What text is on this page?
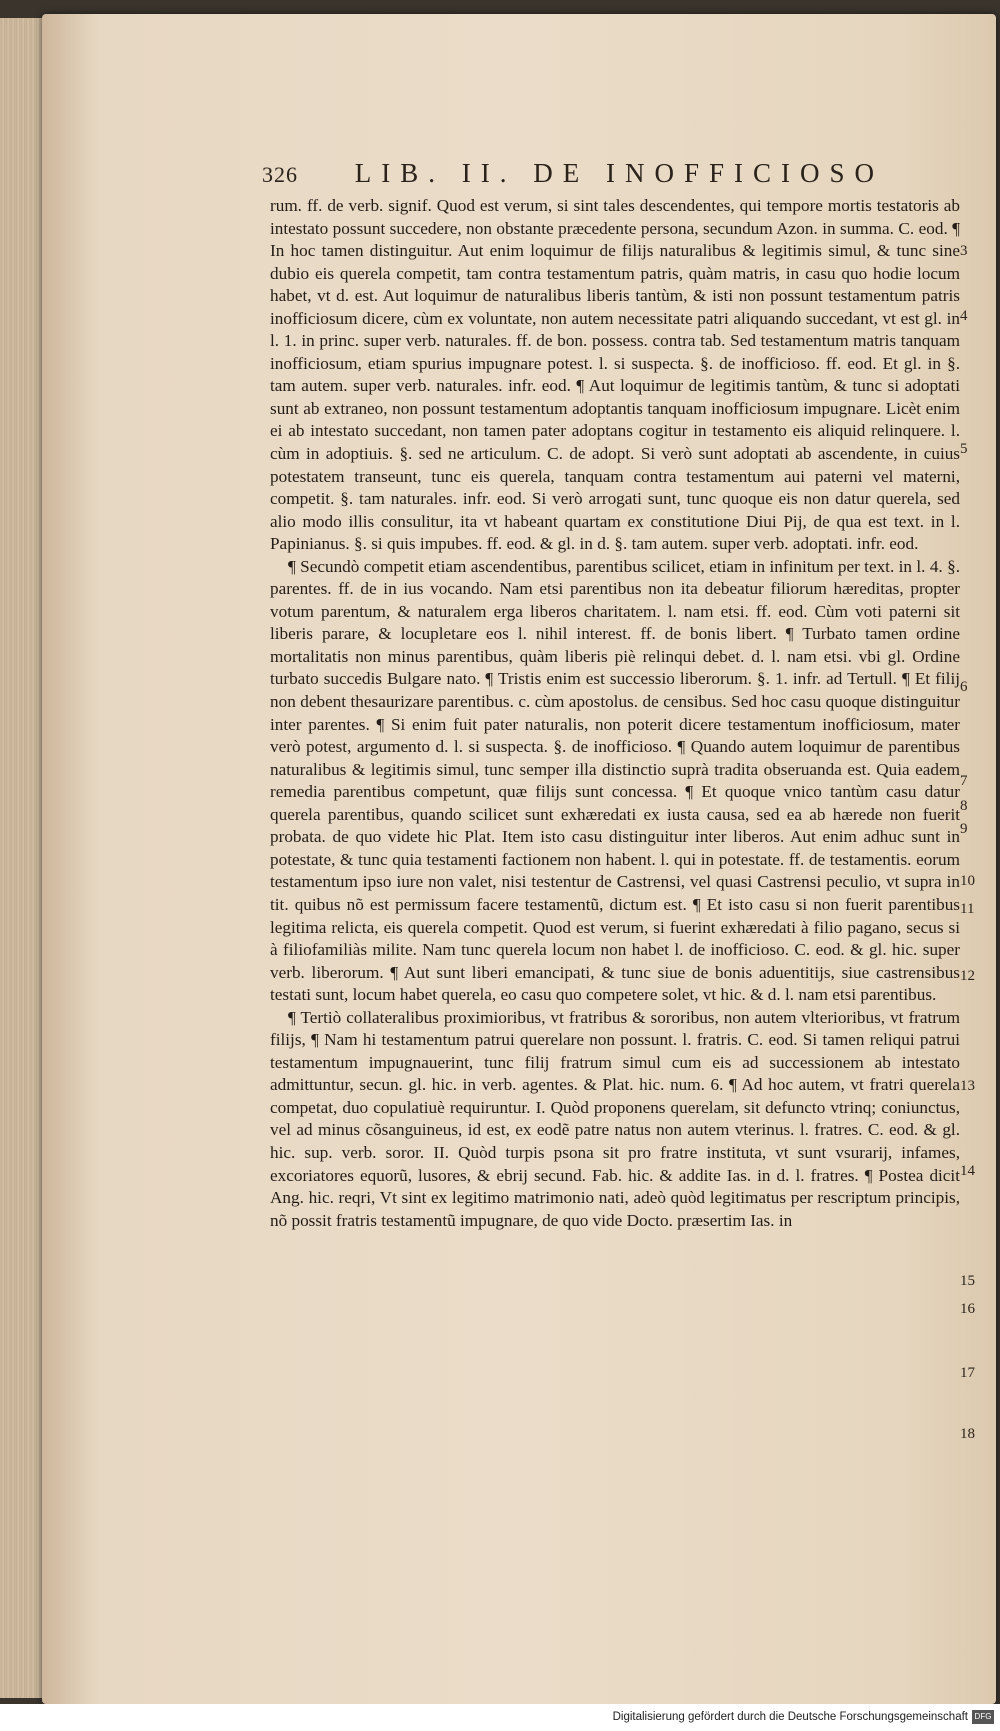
326 LIB. II. DE INOFFICIOSO

rum. ff. de verb. signif. Quod est verum, si sint tales descendentes, qui tempore mortis testatoris ab intestato possunt succedere, non obstante præcedente persona, secundum Azon. in summa. C. eod. ¶ In hoc tamen distinguitur. Aut enim loquimur de filijs naturalibus & legitimis simul, & tunc sine dubio eis querela competit, tam contra testamentum patris, quàm matris, in casu quo hodie locum habet, vt d. est. Aut loquimur de naturalibus liberis tantùm, & isti non possunt testamentum patris inofficiosum dicere, cùm ex voluntate, non autem necessitate patri aliquando succedant, vt est gl. in l. 1. in princ. super verb. naturales. ff. de bon. possess. contra tab. Sed testamentum matris tanquam inofficiosum, etiam spurius impugnare potest. l. si suspecta. §. de inofficioso. ff. eod. Et gl. in §. tam autem. super verb. naturales. infr. eod. ¶ Aut loquimur de legitimis tantùm, & tunc si adoptati sunt ab extraneo, non possunt testamentum adoptantis tanquam inofficiosum impugnare. Licèt enim ei ab intestato succedant, non tamen pater adoptans cogitur in testamento eis aliquid relinquere. l. cùm in adoptiuis. §. sed ne articulum. C. de adopt. Si verò sunt adoptati ab ascendente, in cuius potestatem transeunt, tunc eis querela, tanquam contra testamentum aui paterni vel materni, competit. §. tam naturales. infr. eod. Si verò arrogati sunt, tunc quoque eis non datur querela, sed alio modo illis consulitur, ita vt habeant quartam ex constitutione Diui Pij, de qua est text. in l. Papinianus. §. si quis impubes. ff. eod. & gl. in d. §. tam autem. super verb. adoptati. infr. eod.

¶ Secundò competit etiam ascendentibus, parentibus scilicet, etiam in infinitum per text. in l. 4. §. parentes. ff. de in ius vocando. Nam etsi parentibus non ita debeatur filiorum hæreditas, propter votum parentum, & naturalem erga liberos charitatem. l. nam etsi. ff. eod. Cùm voti paterni sit liberis parare, & locupletare eos l. nihil interest. ff. de bonis libert. ¶ Turbato tamen ordine mortalitatis non minus parentibus, quàm liberis piè relinqui debet. d. l. nam etsi. vbi gl. Ordine turbato succedis Bulgare nato. ¶ Tristis enim est successio liberorum. §. 1. infr. ad Tertull. ¶ Et filij non debent thesaurizare parentibus. c. cùm apostolus. de censibus. Sed hoc casu quoque distinguitur inter parentes. ¶ Si enim fuit pater naturalis, non poterit dicere testamentum inofficiosum, mater verò potest, argumento d. l. si suspecta. §. de inofficioso. ¶ Quando autem loquimur de parentibus naturalibus & legitimis simul, tunc semper illa distinctio suprà tradita obseruanda est. Quia eadem remedia parentibus competunt, quæ filijs sunt concessa. ¶ Et quoque vnico tantùm casu datur querela parentibus, quando scilicet sunt exhæredati ex iusta causa, sed ea ab hærede non fuerit probata. de quo videte hic Plat. Item isto casu distinguitur inter liberos. Aut enim adhuc sunt in potestate, & tunc quia testamenti factionem non habent. l. qui in potestate. ff. de testamentis. eorum testamentum ipso iure non valet, nisi testentur de Castrensi, vel quasi Castrensi peculio, vt supra in tit. quibus nõ est permissum facere testamentũ, dictum est. ¶ Et isto casu si non fuerit parentibus legitima relicta, eis querela competit. Quod est verum, si fuerint exhæredati à filio pagano, secus si à filiofamiliàs milite. Nam tunc querela locum non habet l. de inofficioso. C. eod. & gl. hic. super verb. liberorum. ¶ Aut sunt liberi emancipati, & tunc siue de bonis aduentitijs, siue castrensibus testati sunt, locum habet querela, eo casu quo competere solet, vt hic. & d. l. nam etsi parentibus.

¶ Tertiò collateralibus proximioribus, vt fratribus & sororibus, non autem vlterioribus, vt fratrum filijs, ¶ Nam hi testamentum patrui querelare non possunt. l. fratris. C. eod. Si tamen reliqui patrui testamentum impugnauerint, tunc filij fratrum simul cum eis ad successionem ab intestato admittuntur, secun. gl. hic. in verb. agentes. & Plat. hic. num. 6. ¶ Ad hoc autem, vt fratri querela competat, duo copulatiuè requiruntur. I. Quòd proponens querelam, sit defuncto vtrinq; coniunctus, vel ad minus cõsanguineus, id est, ex eodẽ patre natus non autem vterinus. l. fratres. C. eod. & gl. hic. sup. verb. soror. II. Quòd turpis psona sit pro fratre instituta, vt sunt vsurarij, infames, excoriatores equorũ, lusores, & ebrij secund. Fab. hic. & addite Ias. in d. l. fratres. ¶ Postea dicit Ang. hic. reqri, Vt sint ex legitimo matrimonio nati, adeò quòd legitimatus per rescriptum principis, nõ possit fratris testamentũ impugnare, de quo vide Docto. præsertim Ias. in

3
4
5
6
7
8
9
10
11
12
13
14
15
16
17
18
Digitalisierung gefördert durch die Deutsche Forschungsgemeinschaft DFG
